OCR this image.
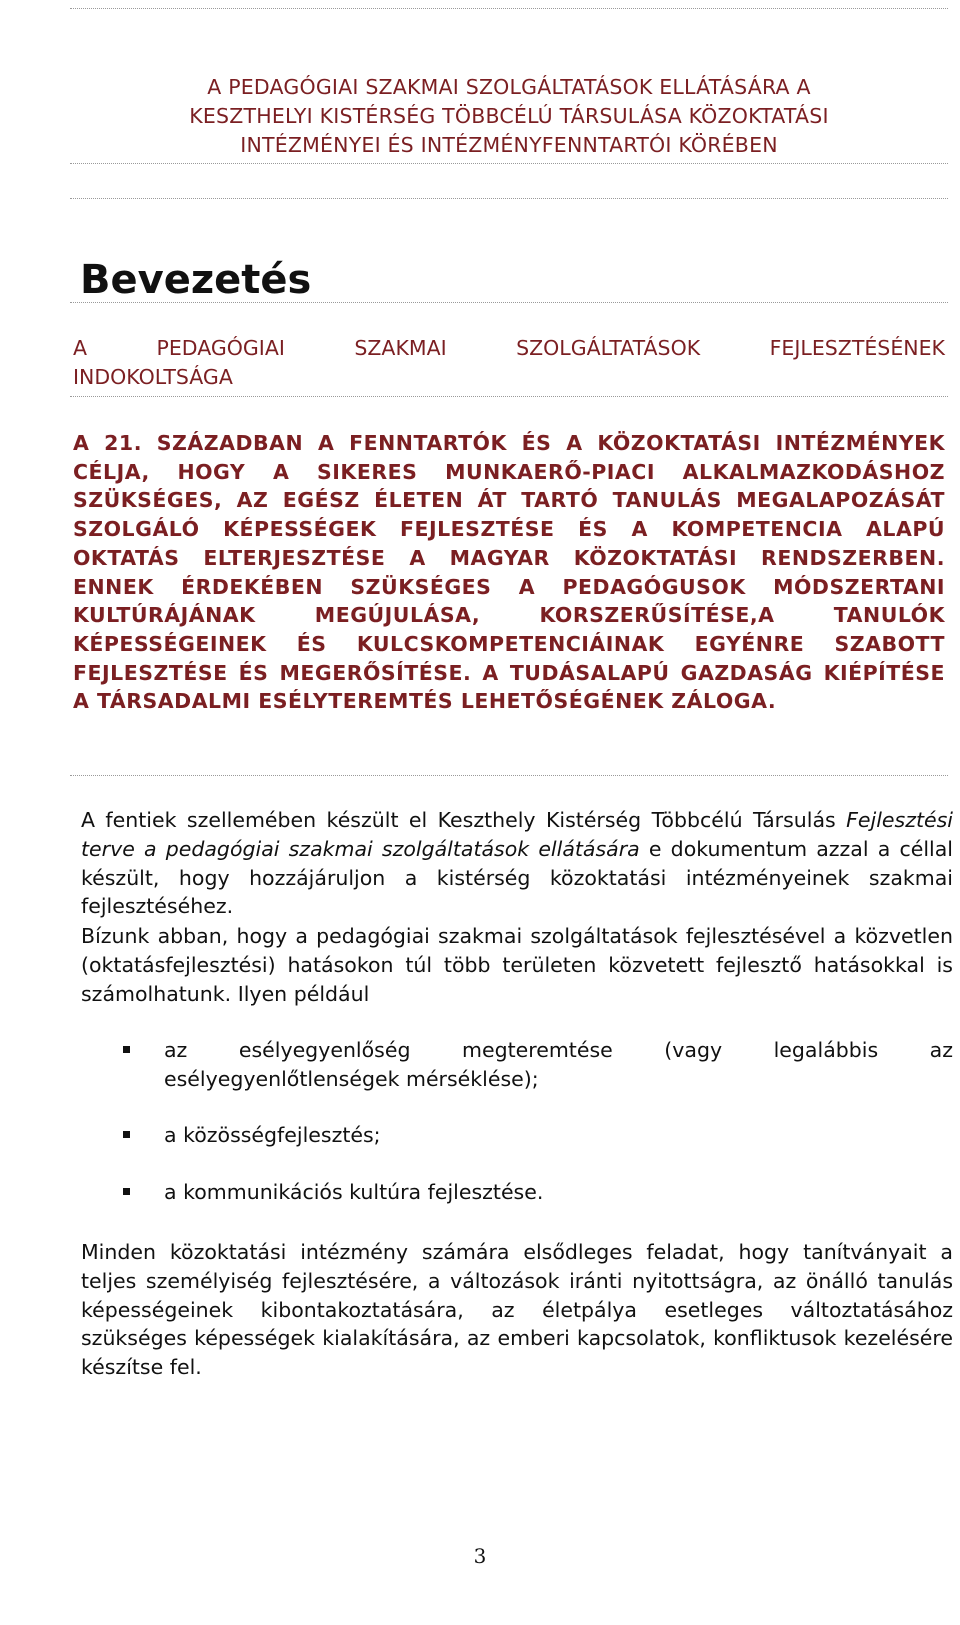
A PEDAGÓGIAI SZAKMAI SZOLGÁLTATÁSOK ELLÁTÁSÁRA A
KESZTHELYI KISTÉRSÉG TÖBBCÉLÚ TÁRSULÁSA KÖZOKTATÁSI
INTÉZMÉNYEI ÉS INTÉZMÉNYFENNTARTÓI KÖRÉBEN
Bevezetés
A PEDAGÓGIAI SZAKMAI SZOLGÁLTATÁSOK FEJLESZTÉSÉNEK
INDOKOLTSÁGA
A 21. SZÁZADBAN A FENNTARTÓK ÉS A KÖZOKTATÁSI INTÉZMÉNYEK CÉLJA, HOGY A SIKERES MUNKAERŐ-PIACI ALKALMAZKODÁSHOZ SZÜKSÉGES, AZ EGÉSZ ÉLETEN ÁT TARTÓ TANULÁS MEGALAPOZÁSÁT SZOLGÁLÓ KÉPESSÉGEK FEJLESZTÉSE ÉS A KOMPETENCIA ALAPÚ OKTATÁS ELTERJESZTÉSE A MAGYAR KÖZOKTATÁSI RENDSZERBEN. ENNEK ÉRDEKÉBEN SZÜKSÉGES A PEDAGÓGUSOK MÓDSZERTANI KULTÚRÁJÁNAK MEGÚJULÁSA, KORSZERŰSÍTÉSE,A TANULÓK KÉPESSÉGEINEK ÉS KULCSKOMPETENCIÁINAK EGYÉNRE SZABOTT FEJLESZTÉSE ÉS MEGERŐSÍTÉSE. A TUDÁSALAPÚ GAZDASÁG KIÉPÍTÉSE A TÁRSADALMI ESÉLYTEREMTÉS LEHETŐSÉGÉNEK ZÁLOGA.
A fentiek szellemében készült el Keszthely Kistérség Többcélú Társulás Fejlesztési terve a pedagógiai szakmai szolgáltatások ellátására e dokumentum azzal a céllal készült, hogy hozzájáruljon a kistérség közoktatási intézményeinek szakmai fejlesztéséhez.
Bízunk abban, hogy a pedagógiai szakmai szolgáltatások fejlesztésével a közvetlen (oktatásfejlesztési) hatásokon túl több területen közvetett fejlesztő hatásokkal is számolhatunk. Ilyen például
az esélyegyenlőség megteremtése (vagy legalábbis az esélyegyenlőtlenségek mérséklése);
a közösségfejlesztés;
a kommunikációs kultúra fejlesztése.
Minden közoktatási intézmény számára elsődleges feladat, hogy tanítványait a teljes személyiség fejlesztésére, a változások iránti nyitottságra, az önálló tanulás képességeinek kibontakoztatására, az életpálya esetleges változtatásához szükséges képességek kialakítására, az emberi kapcsolatok, konfliktusok kezelésére készítse fel.
3
